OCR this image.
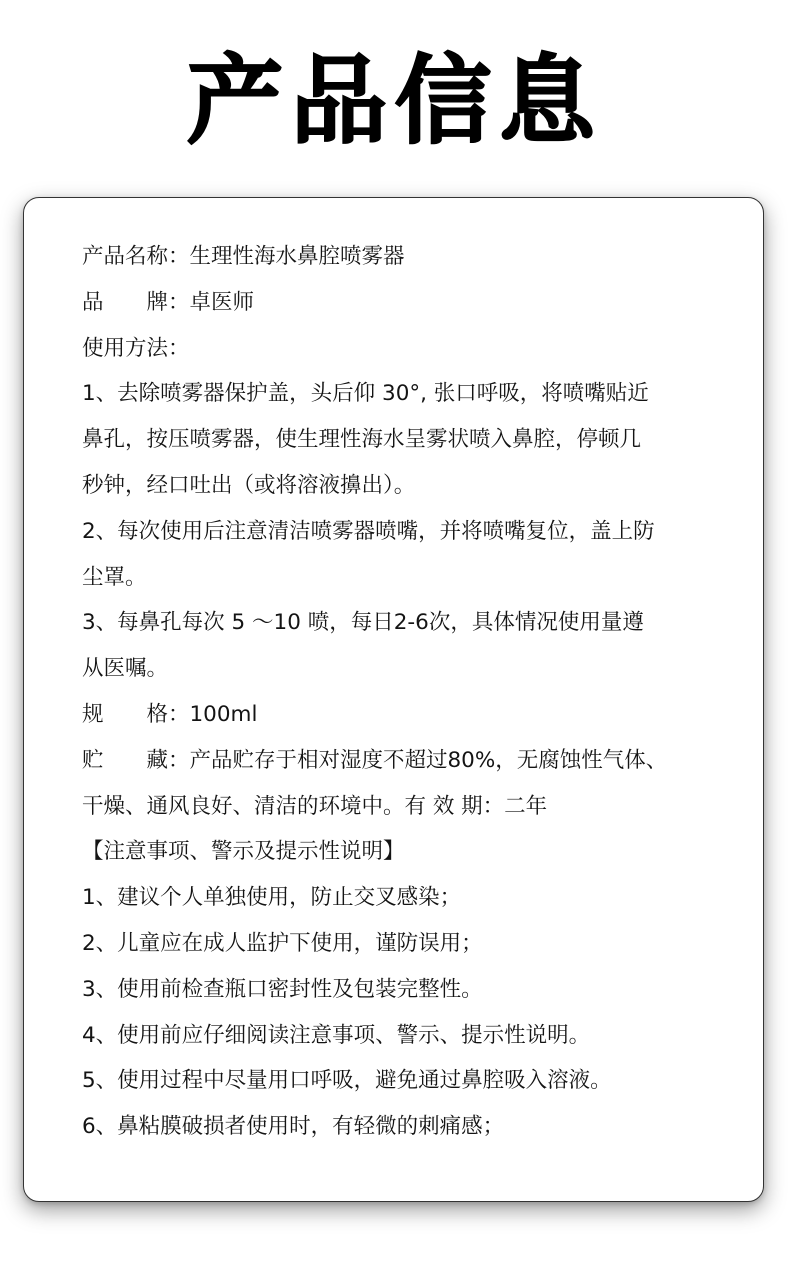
产品信息
产品名称：生理性海水鼻腔喷雾器
品　　牌：卓医师
使用方法：
1、去除喷雾器保护盖，头后仰 30°, 张口呼吸，将喷嘴贴近
鼻孔，按压喷雾器，使生理性海水呈雾状喷入鼻腔，停顿几
秒钟，经口吐出（或将溶液擤出）。
2、每次使用后注意清洁喷雾器喷嘴，并将喷嘴复位，盖上防
尘罩。
3、每鼻孔每次 5 ～10 喷，每日2-6次，具体情况使用量遵
从医嘱。
规　　格：100ml
贮　　藏：产品贮存于相对湿度不超过80%，无腐蚀性气体、
干燥、通风良好、清洁的环境中。有 效 期：二年
【注意事项、警示及提示性说明】
1、建议个人单独使用，防止交叉感染；
2、儿童应在成人监护下使用，谨防误用；
3、使用前检查瓶口密封性及包装完整性。
4、使用前应仔细阅读注意事项、警示、提示性说明。
5、使用过程中尽量用口呼吸，避免通过鼻腔吸入溶液。
6、鼻粘膜破损者使用时，有轻微的刺痛感；
